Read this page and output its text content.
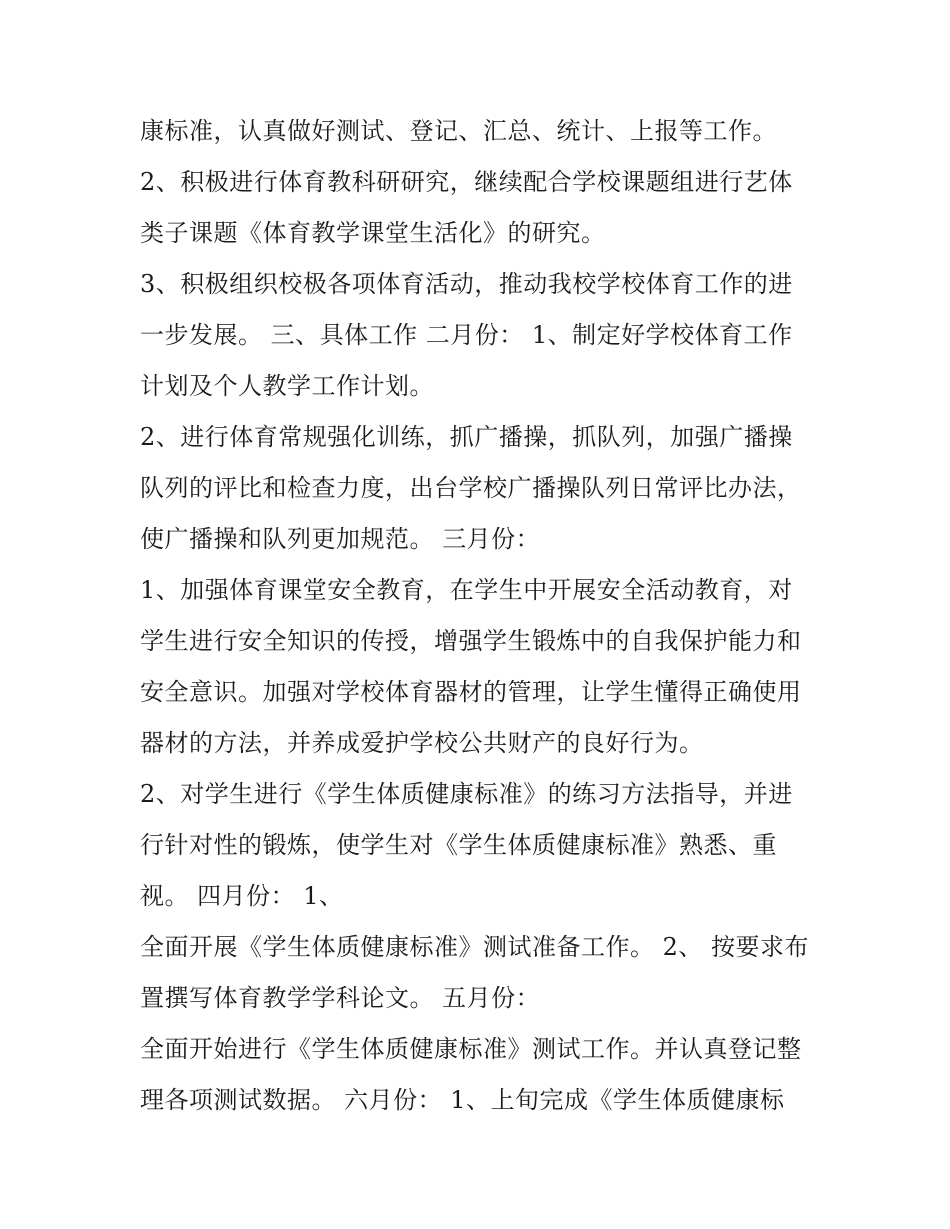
康标准，认真做好测试、登记、汇总、统计、上报等工作。
2、积极进行体育教科研研究，继续配合学校课题组进行艺体
类子课题《体育教学课堂生活化》的研究。
3、积极组织校极各项体育活动，推动我校学校体育工作的进
一步发展。 三、具体工作 二月份： 1、制定好学校体育工作
计划及个人教学工作计划。
2、进行体育常规强化训练，抓广播操，抓队列，加强广播操
队列的评比和检查力度，出台学校广播操队列日常评比办法，
使广播操和队列更加规范。 三月份：
1、加强体育课堂安全教育，在学生中开展安全活动教育，对
学生进行安全知识的传授，增强学生锻炼中的自我保护能力和
安全意识。加强对学校体育器材的管理，让学生懂得正确使用
器材的方法，并养成爱护学校公共财产的良好行为。
2、对学生进行《学生体质健康标准》的练习方法指导，并进
行针对性的锻炼，使学生对《学生体质健康标准》熟悉、重
视。 四月份： 1、
全面开展《学生体质健康标准》测试准备工作。 2、 按要求布
置撰写体育教学学科论文。 五月份：
全面开始进行《学生体质健康标准》测试工作。并认真登记整
理各项测试数据。 六月份： 1、上旬完成《学生体质健康标
